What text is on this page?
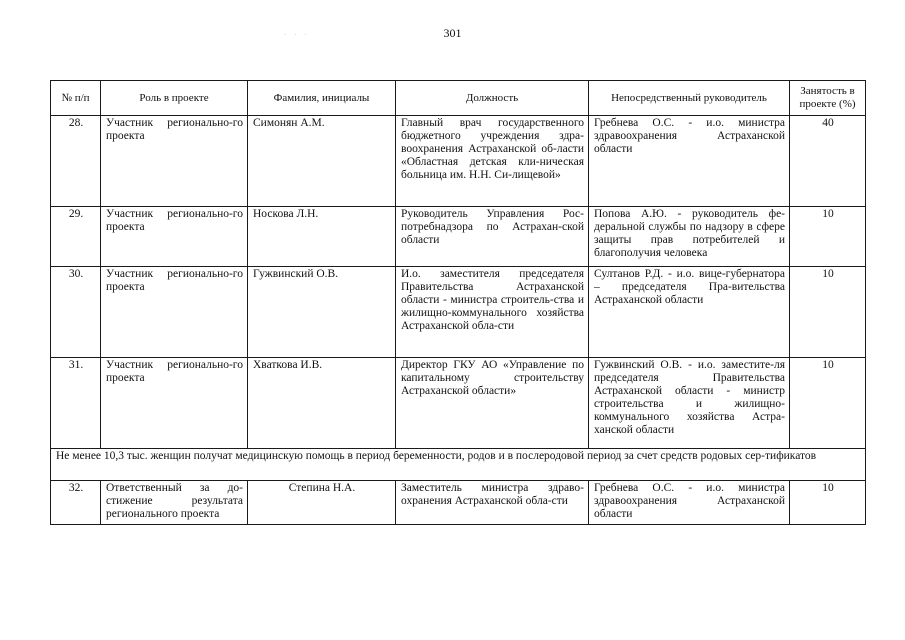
301
· · ·
№ п/п	Роль в проекте	Фамилия, инициалы	Должность	Непосредственный руководитель	Занятость в проекте (%)
28.	Участник регионально-го проекта	Симонян А.М.	Главный врач государственного бюджетного учреждения здра-воохранения Астраханской об-ласти «Областная детская кли-ническая больница им. Н.Н. Си-лищевой»	Гребнева О.С. - и.о. министра здравоохранения Астраханской области	40
29.	Участник регионально-го проекта	Носкова Л.Н.	Руководитель Управления Рос-потребнадзора по Астрахан-ской области	Попова А.Ю. - руководитель фе-деральной службы по надзору в сфере защиты прав потребителей и благополучия человека	10
30.	Участник регионально-го проекта	Гужвинский О.В.	И.о. заместителя председателя Правительства Астраханской области - министра строитель-ства и жилищно-коммунального хозяйства Астраханской обла-сти	Султанов Р.Д. - и.о. вице-губернатора – председателя Пра-вительства Астраханской области	10
31.	Участник регионально-го проекта	Хваткова И.В.	Директор ГКУ АО «Управление по капитальному строительству Астраханской области»	Гужвинский О.В. - и.о. заместите-ля председателя Правительства Астраханской области - министр строительства и жилищно-коммунального хозяйства Астра-ханской области	10
Не менее 10,3 тыс. женщин получат медицинскую помощь в период беременности, родов и в послеродовой период за счет средств родовых сер-тификатов					
32.	Ответственный за до-стижение результата регионального проекта	Степина Н.А.	Заместитель министра здраво-охранения Астраханской обла-сти	Гребнева О.С. - и.о. министра здравоохранения Астраханской области	10
